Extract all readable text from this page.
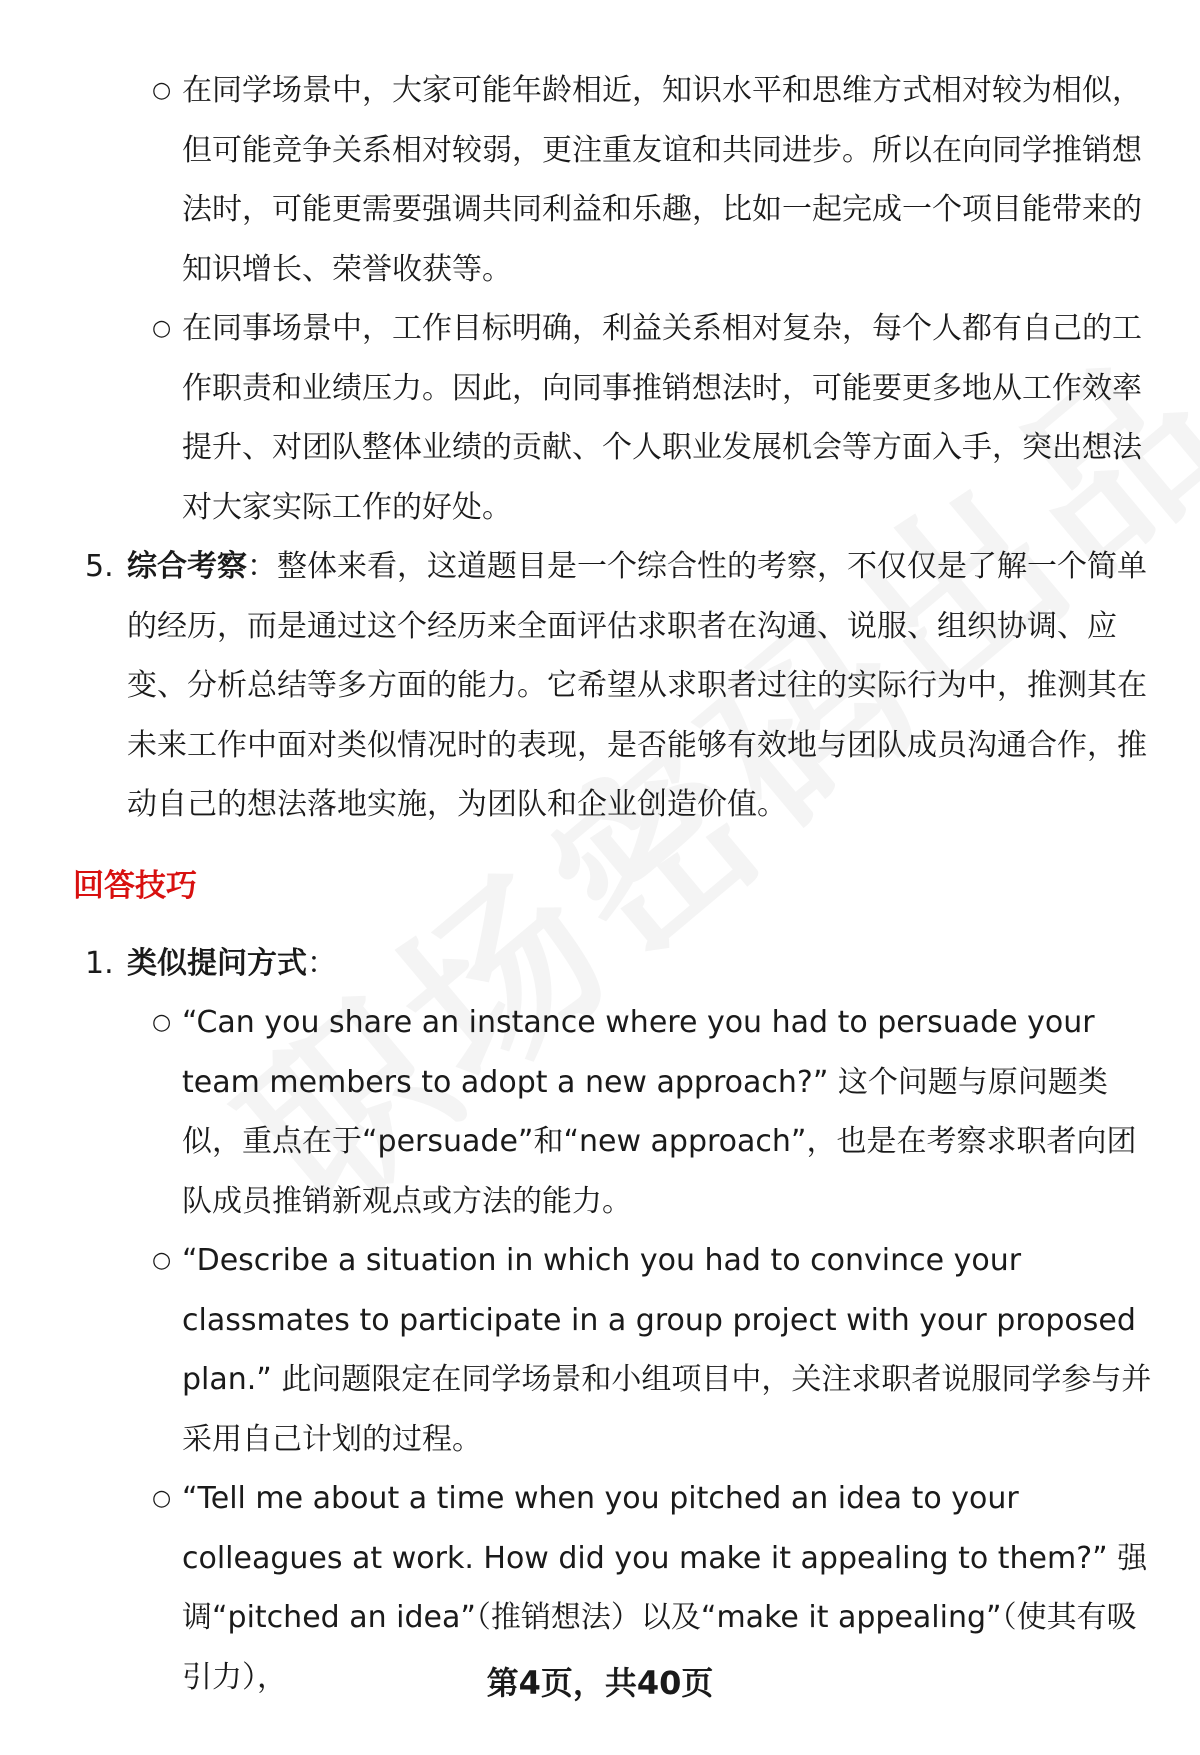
○ 在同学场景中，大家可能年龄相近，知识水平和思维方式相对较为相似，但可能竞争关系相对较弱，更注重友谊和共同进步。所以在向同学推销想法时，可能更需要强调共同利益和乐趣，比如一起完成一个项目能带来的知识增长、荣誉收获等。
○ 在同事场景中，工作目标明确，利益关系相对复杂，每个人都有自己的工作职责和业绩压力。因此，向同事推销想法时，可能要更多地从工作效率提升、对团队整体业绩的贡献、个人职业发展机会等方面入手，突出想法对大家实际工作的好处。
5. 综合考察：整体来看，这道题目是一个综合性的考察，不仅仅是了解一个简单的经历，而是通过这个经历来全面评估求职者在沟通、说服、组织协调、应变、分析总结等多方面的能力。它希望从求职者过往的实际行为中，推测其在未来工作中面对类似情况时的表现，是否能够有效地与团队成员沟通合作，推动自己的想法落地实施，为团队和企业创造价值。
回答技巧
1. 类似提问方式：
○ “Can you share an instance where you had to persuade your team members to adopt a new approach?” 这个问题与原问题类似，重点在于“persuade”和“new approach”，也是在考察求职者向团队成员推销新观点或方法的能力。
○ “Describe a situation in which you had to convince your classmates to participate in a group project with your proposed plan.” 此问题限定在同学场景和小组项目中，关注求职者说服同学参与并采用自己计划的过程。
○ “Tell me about a time when you pitched an idea to your colleagues at work. How did you make it appealing to them?” 强调“pitched an idea”（推销想法）以及“make it appealing”（使其有吸引力），	第4页，共40页
